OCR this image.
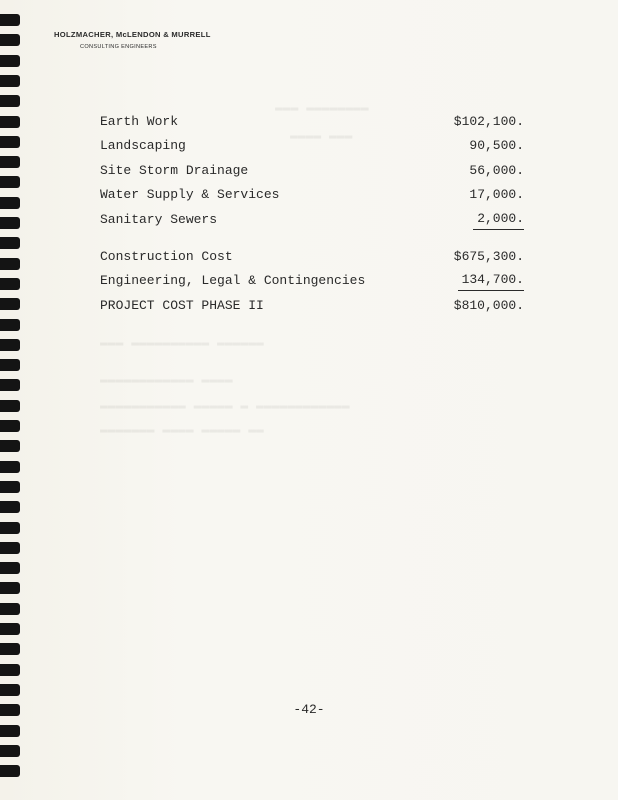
HOLZMACHER, McLENDON & MURRELL
CONSULTING ENGINEERS
▬▬▬ ▬▬▬▬▬▬▬▬
▬▬▬▬ ▬▬▬
▬▬▬ ▬▬▬▬▬▬▬▬▬▬ ▬▬▬▬▬▬
▬▬▬▬▬▬▬▬▬▬▬▬ ▬▬▬▬
▬▬▬▬▬▬▬▬▬▬▬ ▬▬▬▬▬ ▬ ▬▬▬▬▬▬▬▬▬▬▬▬
▬▬▬▬▬▬▬ ▬▬▬▬ ▬▬▬▬▬ ▬▬
Earth Work	$102,100.
Landscaping	90,500.
Site Storm Drainage	56,000.
Water Supply & Services	17,000.
Sanitary Sewers	2,000.
Construction Cost	$675,300.
Engineering, Legal & Contingencies	134,700.
PROJECT COST PHASE II	$810,000.
-42-
